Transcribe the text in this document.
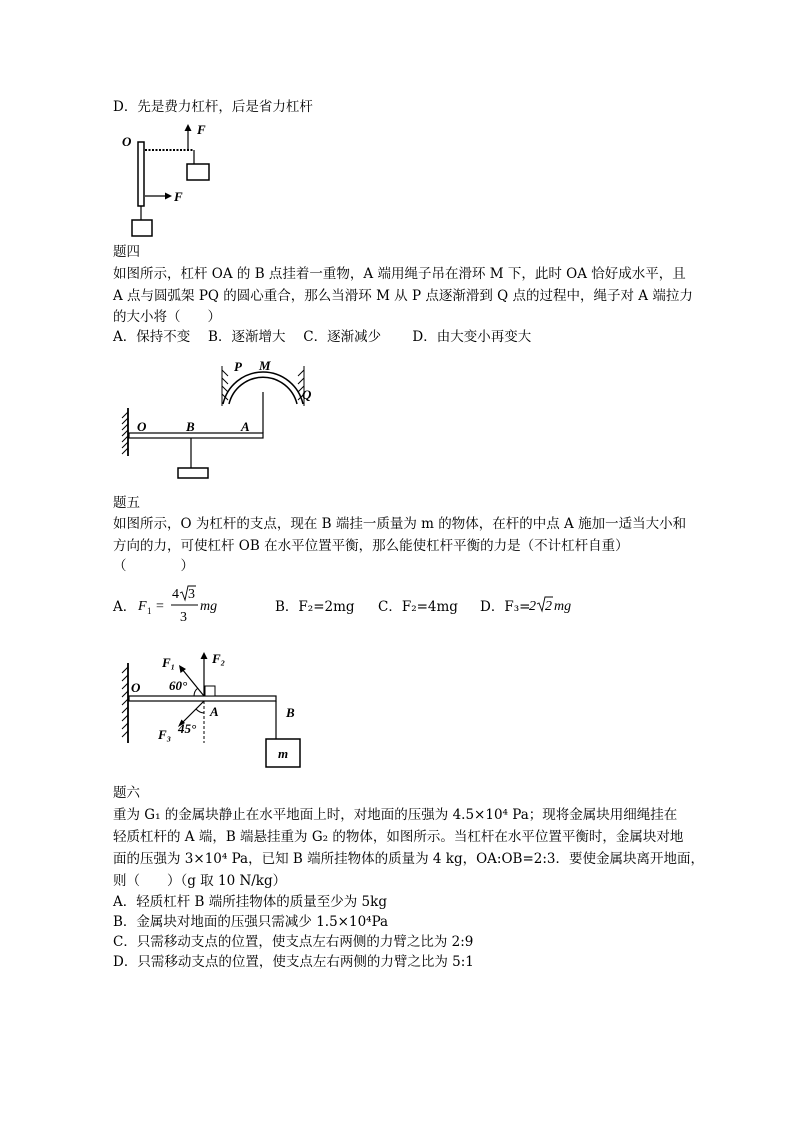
D．先是费力杠杆，后是省力杠杆
O
F
F
题四
如图所示，杠杆 OA 的 B 点挂着一重物，A 端用绳子吊在滑环 M 下，此时 OA 恰好成水平，且
A 点与圆弧架 PQ 的圆心重合，那么当滑环 M 从 P 点逐渐滑到 Q 点的过程中，绳子对 A 端拉力
的大小将（　　）
A．保持不变　 B．逐渐增大　 C．逐渐减少　　 D．由大变小再变大
O	B	A
P M
Q
题五
如图所示，O 为杠杆的支点，现在 B 端挂一质量为 m 的物体，在杆的中点 A 施加一适当大小和
方向的力，可使杠杆 OB 在水平位置平衡，那么能使杠杆平衡的力是（不计杠杆自重）
（　　　　）
A． F 1 =
4 3
3
mg	B．F₂=2mg C．F₂=4mg D．F₃=
2 2 mg
O
A
F₂
F₁
60°
F₃ 45°
B
m
题六
重为 G₁ 的金属块静止在水平地面上时，对地面的压强为 4.5×10⁴ Pa；现将金属块用细绳挂在
轻质杠杆的 A 端，B 端悬挂重为 G₂ 的物体，如图所示。当杠杆在水平位置平衡时，金属块对地
面的压强为 3×10⁴ Pa，已知 B 端所挂物体的质量为 4 kg，OA:OB=2:3．要使金属块离开地面，
则（　　）（g 取 10 N/kg）
A．轻质杠杆 B 端所挂物体的质量至少为 5kg
B．金属块对地面的压强只需减少 1.5×10⁴Pa
C．只需移动支点的位置，使支点左右两侧的力臂之比为 2:9
D．只需移动支点的位置，使支点左右两侧的力臂之比为 5:1
